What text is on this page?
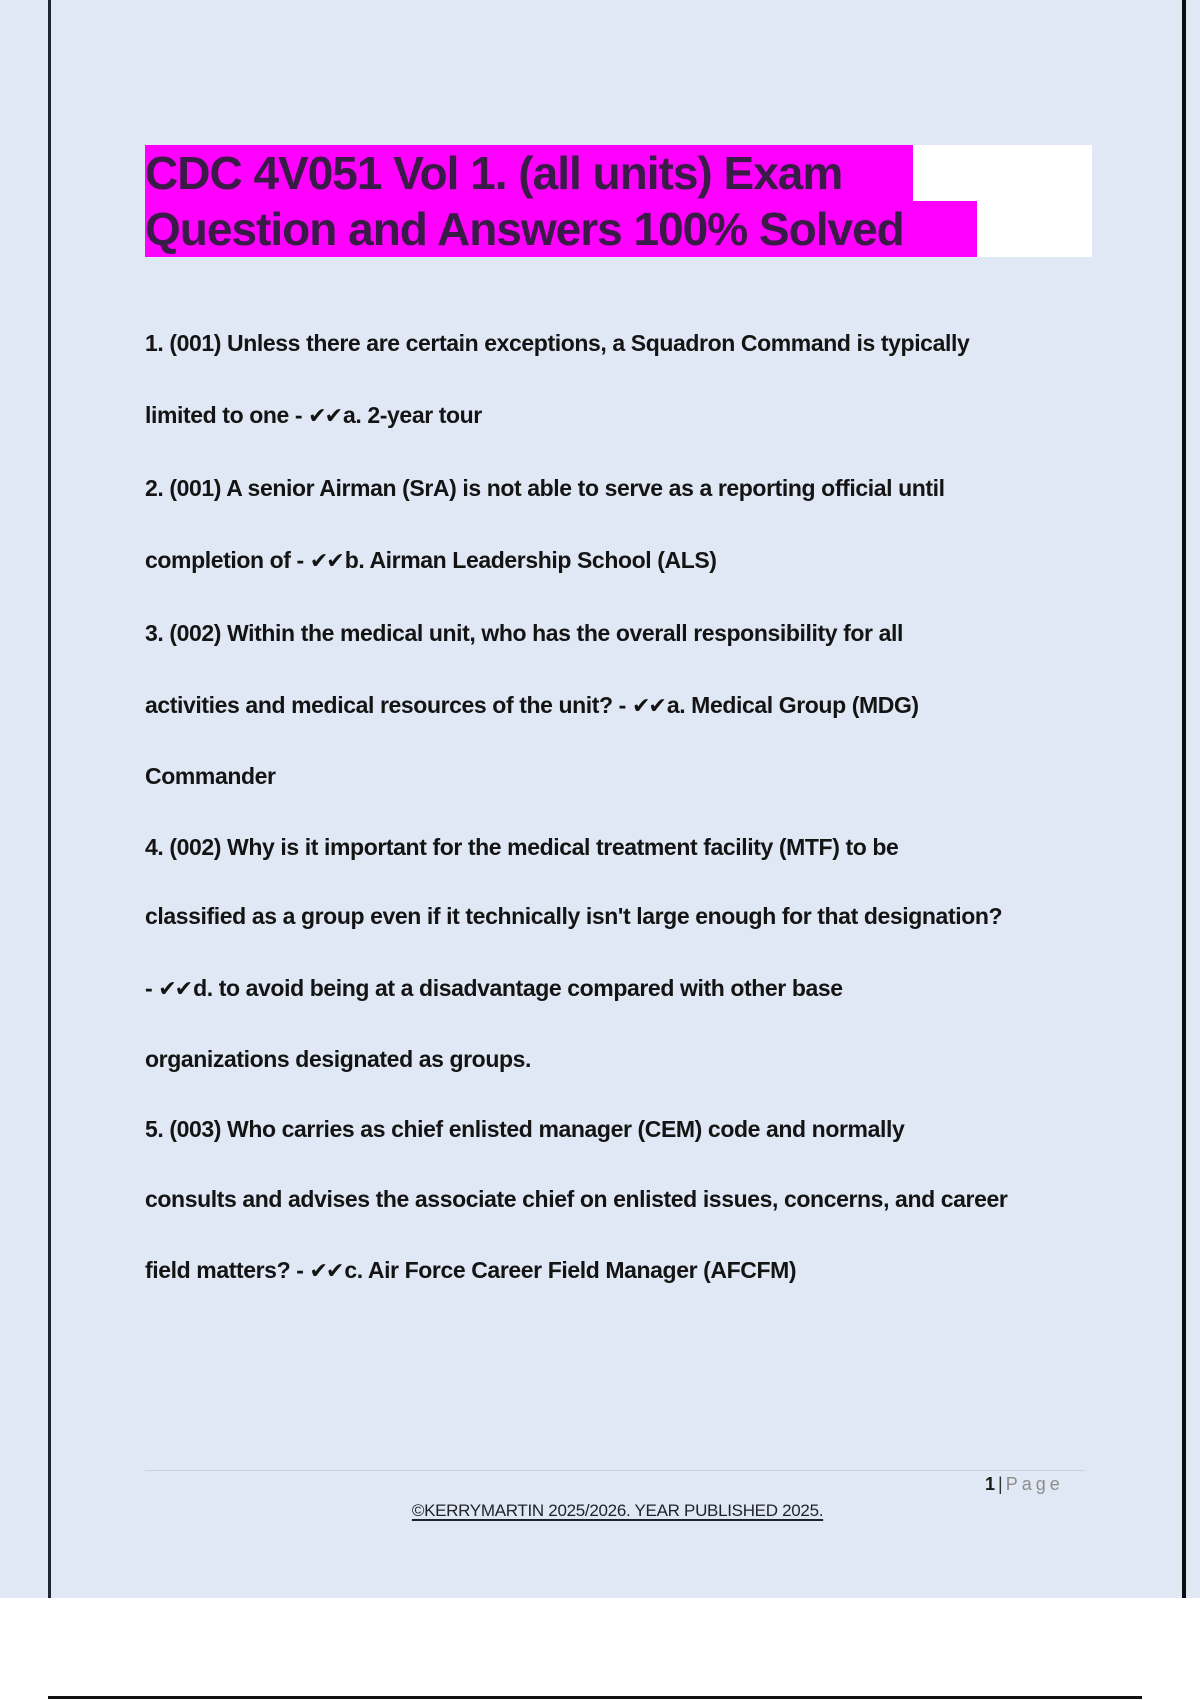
CDC 4V051 Vol 1. (all units) Exam
Question and Answers 100% Solved
1. (001) Unless there are certain exceptions, a Squadron Command is typically
limited to one - ✔✔a. 2-year tour
2. (001) A senior Airman (SrA) is not able to serve as a reporting official until
completion of - ✔✔b. Airman Leadership School (ALS)
3. (002) Within the medical unit, who has the overall responsibility for all
activities and medical resources of the unit? - ✔✔a. Medical Group (MDG)
Commander
4. (002) Why is it important for the medical treatment facility (MTF) to be
classified as a group even if it technically isn't large enough for that designation?
- ✔✔d. to avoid being at a disadvantage compared with other base
organizations designated as groups.
5. (003) Who carries as chief enlisted manager (CEM) code and normally
consults and advises the associate chief on enlisted issues, concerns, and career
field matters? - ✔✔c. Air Force Career Field Manager (AFCFM)
1 | Page
©KERRYMARTIN 2025/2026. YEAR PUBLISHED 2025.
